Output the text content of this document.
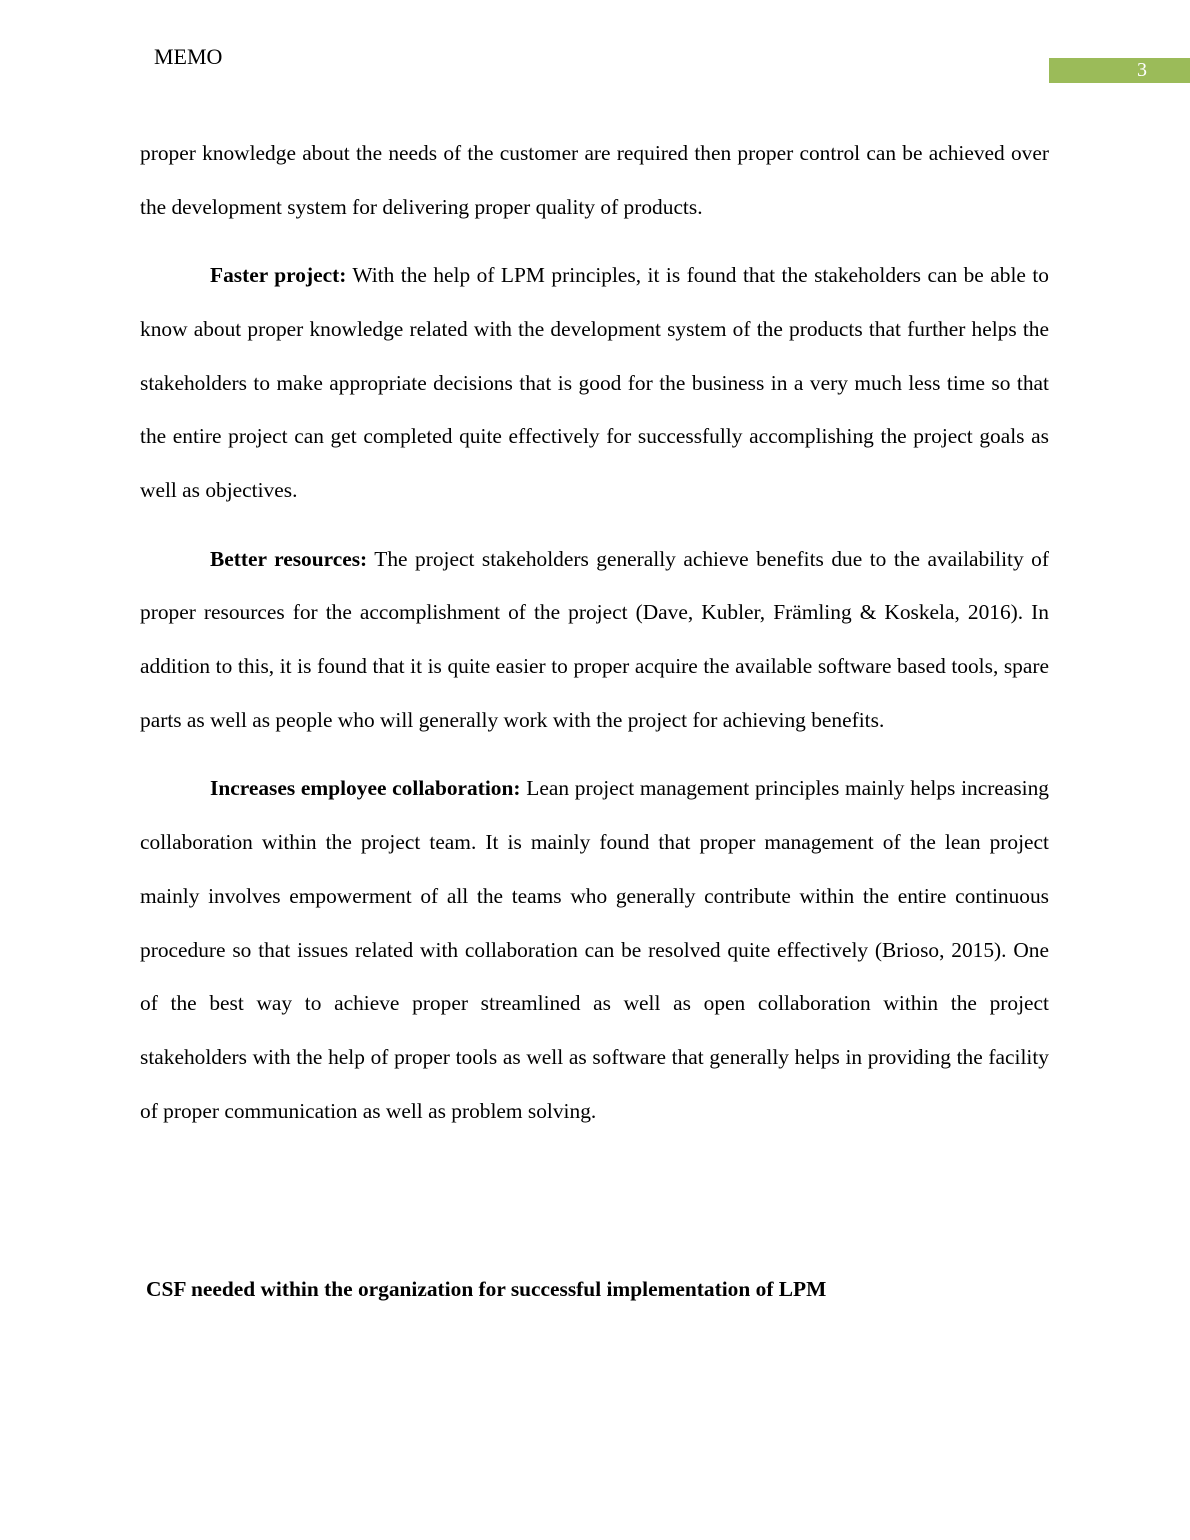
MEMO
3

proper knowledge about the needs of the customer are required then proper control can be achieved over the development system for delivering proper quality of products.

Faster project: With the help of LPM principles, it is found that the stakeholders can be able to know about proper knowledge related with the development system of the products that further helps the stakeholders to make appropriate decisions that is good for the business in a very much less time so that the entire project can get completed quite effectively for successfully accomplishing the project goals as well as objectives.

Better resources: The project stakeholders generally achieve benefits due to the availability of proper resources for the accomplishment of the project (Dave, Kubler, Främling & Koskela, 2016). In addition to this, it is found that it is quite easier to proper acquire the available software based tools, spare parts as well as people who will generally work with the project for achieving benefits.

Increases employee collaboration: Lean project management principles mainly helps increasing collaboration within the project team. It is mainly found that proper management of the lean project mainly involves empowerment of all the teams who generally contribute within the entire continuous procedure so that issues related with collaboration can be resolved quite effectively (Brioso, 2015). One of the best way to achieve proper streamlined as well as open collaboration within the project stakeholders with the help of proper tools as well as software that generally helps in providing the facility of proper communication as well as problem solving.

CSF needed within the organization for successful implementation of LPM
